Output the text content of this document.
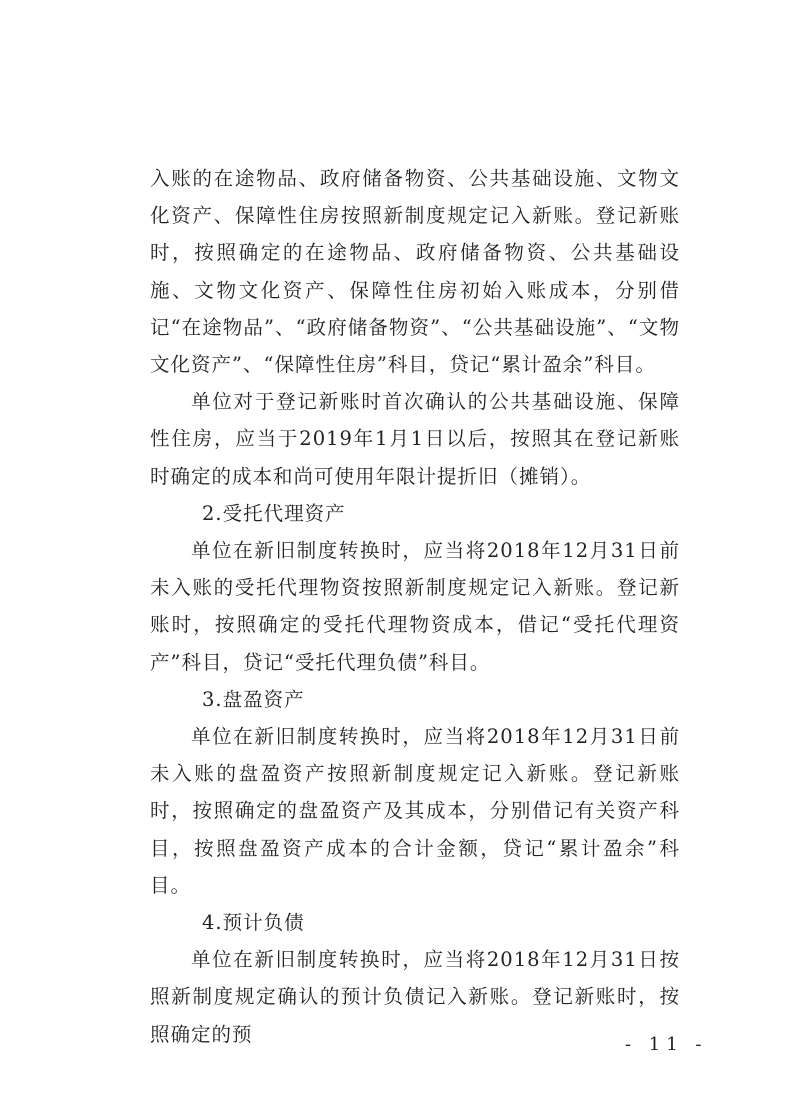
入账的在途物品、政府储备物资、公共基础设施、文物文化资产、保障性住房按照新制度规定记入新账。登记新账时，按照确定的在途物品、政府储备物资、公共基础设施、文物文化资产、保障性住房初始入账成本，分别借记“在途物品”、“政府储备物资”、“公共基础设施”、“文物文化资产”、“保障性住房”科目，贷记“累计盈余”科目。

单位对于登记新账时首次确认的公共基础设施、保障性住房，应当于2019年1月1日以后，按照其在登记新账时确定的成本和尚可使用年限计提折旧（摊销）。

2.受托代理资产

单位在新旧制度转换时，应当将2018年12月31日前未入账的受托代理物资按照新制度规定记入新账。登记新账时，按照确定的受托代理物资成本，借记“受托代理资产”科目，贷记“受托代理负债”科目。

3.盘盈资产

单位在新旧制度转换时，应当将2018年12月31日前未入账的盘盈资产按照新制度规定记入新账。登记新账时，按照确定的盘盈资产及其成本，分别借记有关资产科目，按照盘盈资产成本的合计金额，贷记“累计盈余”科目。

4.预计负债

单位在新旧制度转换时，应当将2018年12月31日按照新制度规定确认的预计负债记入新账。登记新账时，按照确定的预	- 11 -
